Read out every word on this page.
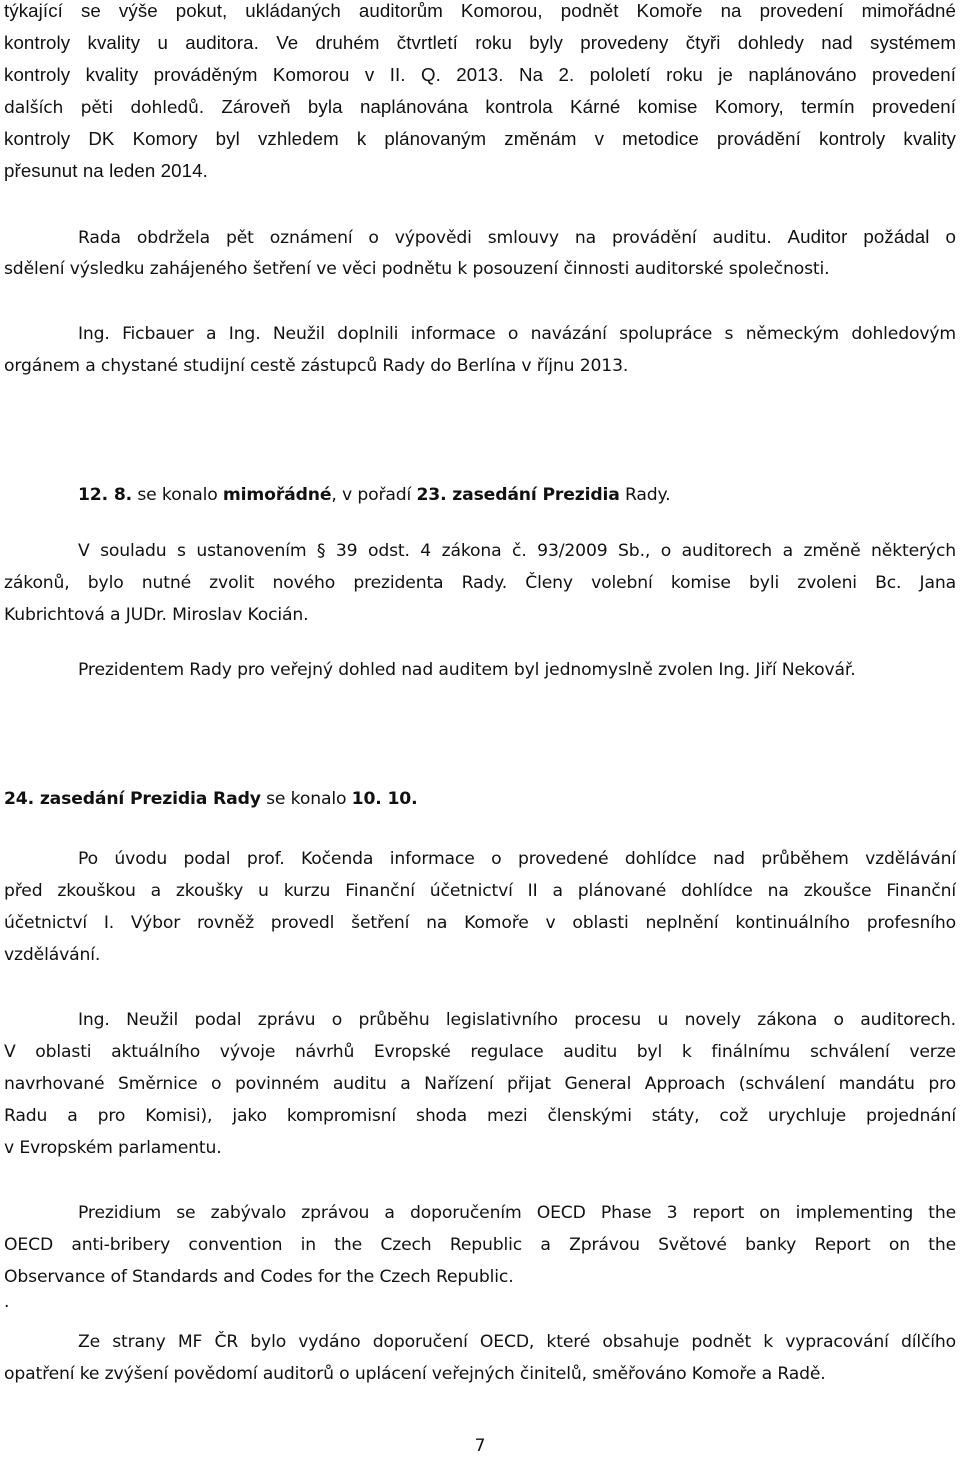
týkající se výše pokut, ukládaných auditorům Komorou, podnět Komoře na provedení mimořádné
kontroly kvality u auditora. Ve druhém čtvrtletí roku byly provedeny čtyři dohledy nad systémem
kontroly kvality prováděným Komorou v II. Q. 2013. Na 2. pololetí roku je naplánováno provedení
dalších pěti dohledů. Zároveň byla naplánována kontrola Kárné komise Komory, termín provedení
kontroly DK Komory byl vzhledem k plánovaným změnám v metodice provádění kontroly kvality
přesunut na leden 2014.
Rada obdržela pět oznámení o výpovědi smlouvy na provádění auditu. Auditor požádal o
sdělení výsledku zahájeného šetření ve věci podnětu k posouzení činnosti auditorské společnosti.
Ing. Ficbauer a Ing. Neužil doplnili informace o navázání spolupráce s německým dohledovým
orgánem a chystané studijní cestě zástupců Rady do Berlína v říjnu 2013.
12. 8. se konalo mimořádné, v pořadí 23. zasedání Prezidia Rady.
V souladu s ustanovením § 39 odst. 4 zákona č. 93/2009 Sb., o auditorech a změně některých
zákonů, bylo nutné zvolit nového prezidenta Rady. Členy volební komise byli zvoleni Bc. Jana
Kubrichtová a JUDr. Miroslav Kocián.
Prezidentem Rady pro veřejný dohled nad auditem byl jednomyslně zvolen Ing. Jiří Nekovář.
24. zasedání Prezidia Rady se konalo 10. 10.
Po úvodu podal prof. Kočenda informace o provedené dohlídce nad průběhem vzdělávání
před zkouškou a zkoušky u kurzu Finanční účetnictví II a plánované dohlídce na zkoušce Finanční
účetnictví I. Výbor rovněž provedl šetření na Komoře v oblasti neplnění kontinuálního profesního
vzdělávání.
Ing. Neužil podal zprávu o průběhu legislativního procesu u novely zákona o auditorech.
V oblasti aktuálního vývoje návrhů Evropské regulace auditu byl k finálnímu schválení verze
navrhované Směrnice o povinném auditu a Nařízení přijat General Approach (schválení mandátu pro
Radu a pro Komisi), jako kompromisní shoda mezi členskými státy, což urychluje projednání
v Evropském parlamentu.
Prezidium se zabývalo zprávou a doporučením OECD Phase 3 report on implementing the
OECD anti-bribery convention in the Czech Republic a Zprávou Světové banky Report on the
Observance of Standards and Codes for the Czech Republic.
.
Ze strany MF ČR bylo vydáno doporučení OECD, které obsahuje podnět k vypracování dílčího
opatření ke zvýšení povědomí auditorů o uplácení veřejných činitelů, směřováno Komoře a Radě.
7
